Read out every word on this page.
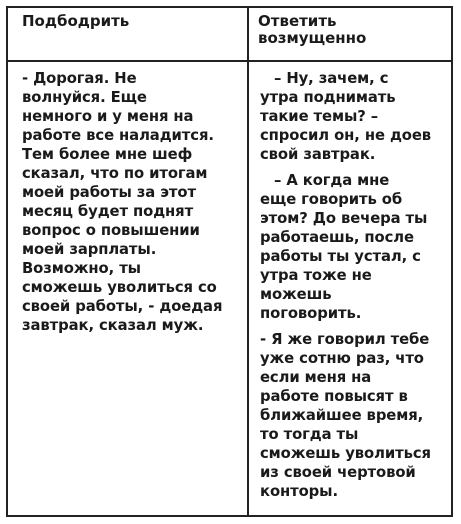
Подбодрить	Ответить
возмущенно
- Дорогая. Не
волнуйся. Еще
немного и у меня на
работе все наладится.
Тем более мне шеф
сказал, что по итогам
моей работы за этот
месяц будет поднят
вопрос о повышении
моей зарплаты.
Возможно, ты
сможешь уволиться со
своей работы, - доедая
завтрак, сказал муж.
– Ну, зачем, с
утра поднимать
такие темы? –
спросил он, не доев
свой завтрак.
– А когда мне
еще говорить об
этом? До вечера ты
работаешь, после
работы ты устал, с
утра тоже не
можешь
поговорить.
- Я же говорил тебе
уже сотню раз, что
если меня на
работе повысят в
ближайшее время,
то тогда ты
сможешь уволиться
из своей чертовой
конторы.
